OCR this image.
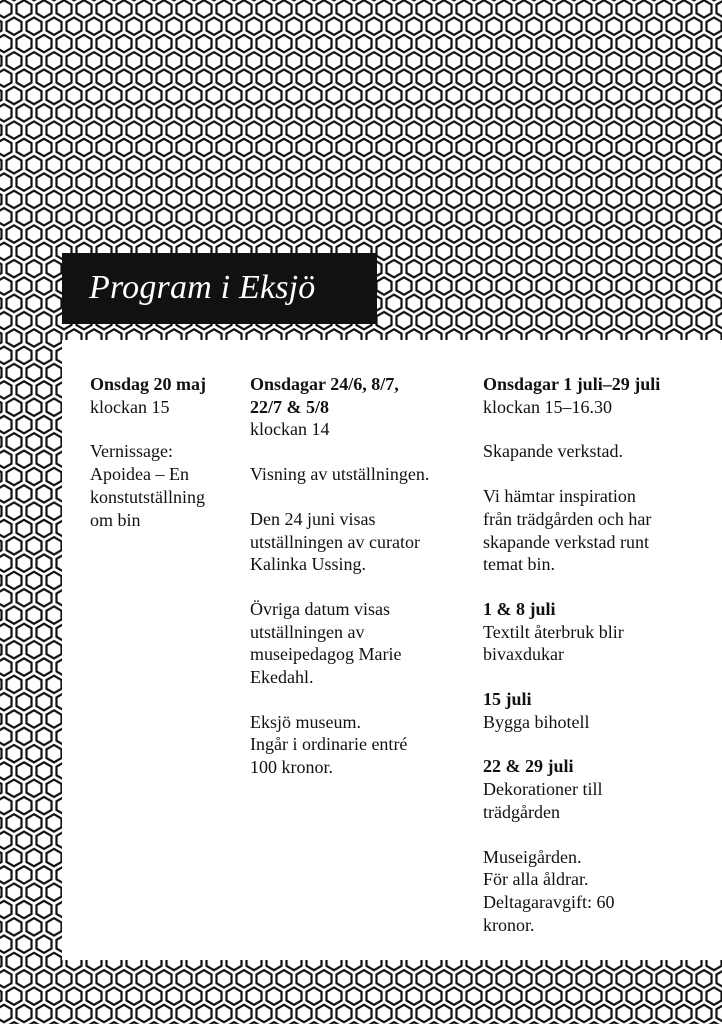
Program i Eksjö
Onsdag 20 maj
klockan 15
Vernissage:
Apoidea – En
konstutställning
om bin
Onsdagar 24/6, 8/7,
22/7 & 5/8
klockan 14
Visning av utställningen.
Den 24 juni visas
utställningen av curator
Kalinka Ussing.
Övriga datum visas
utställningen av
museipedagog Marie
Ekedahl.
Eksjö museum.
Ingår i ordinarie entré
100 kronor.
Onsdagar 1 juli–29 juli
klockan 15–16.30
Skapande verkstad.
Vi hämtar inspiration
från trädgården och har
skapande verkstad runt
temat bin.
1 & 8 juli
Textilt återbruk blir
bivaxdukar
15 juli
Bygga bihotell
22 & 29 juli
Dekorationer till
trädgården
Museigården.
För alla åldrar.
Deltagaravgift: 60
kronor.
